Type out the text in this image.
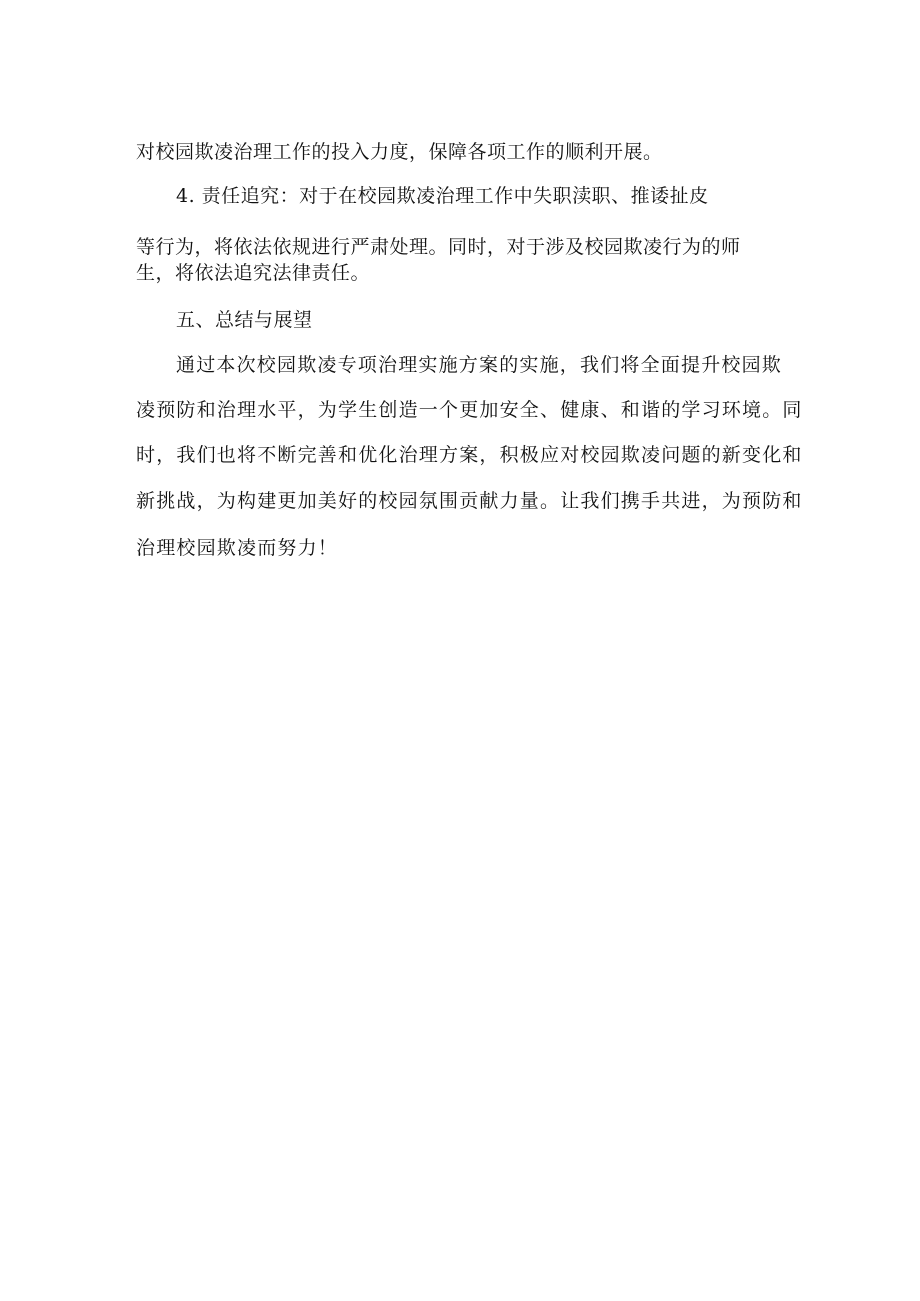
对校园欺凌治理工作的投入力度，保障各项工作的顺利开展。
4. 责任追究：对于在校园欺凌治理工作中失职渎职、推诿扯皮
等行为，将依法依规进行严肃处理。同时，对于涉及校园欺凌行为的师
生，将依法追究法律责任。
五、总结与展望
通过本次校园欺凌专项治理实施方案的实施，我们将全面提升校园欺
凌预防和治理水平，为学生创造一个更加安全、健康、和谐的学习环境。同
时，我们也将不断完善和优化治理方案，积极应对校园欺凌问题的新变化和
新挑战，为构建更加美好的校园氛围贡献力量。让我们携手共进，为预防和
治理校园欺凌而努力！
